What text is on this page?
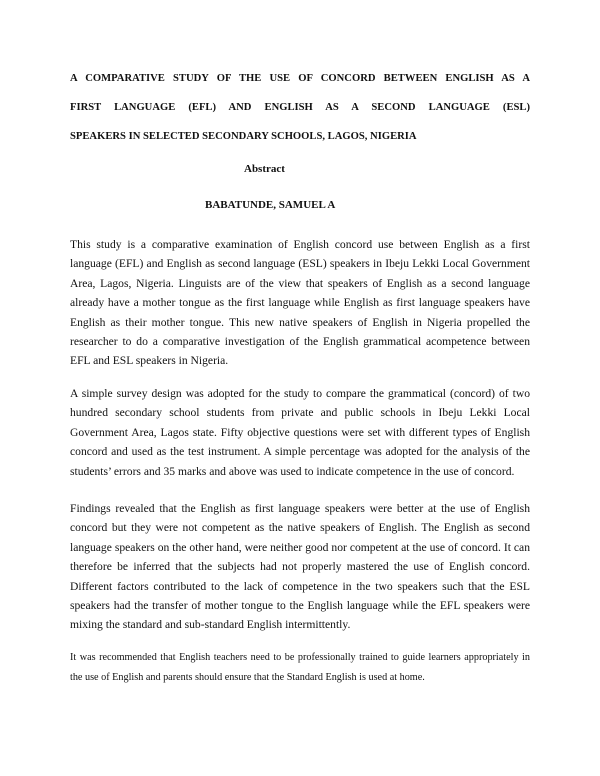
A COMPARATIVE STUDY OF THE USE OF CONCORD BETWEEN ENGLISH AS A
FIRST LANGUAGE (EFL) AND ENGLISH AS A SECOND LANGUAGE (ESL)
SPEAKERS IN SELECTED SECONDARY SCHOOLS, LAGOS, NIGERIA
Abstract
BABATUNDE, SAMUEL A

This study is a comparative examination of English concord use between English as a first language (EFL) and English as second language (ESL) speakers in Ibeju Lekki Local Government Area, Lagos, Nigeria. Linguists are of the view that speakers of English as a second language already have a mother tongue as the first language while English as first language speakers have English as their mother tongue. This new native speakers of English in Nigeria propelled the researcher to do a comparative investigation of the English grammatical acompetence between EFL and ESL speakers in Nigeria.

A simple survey design was adopted for the study to compare the grammatical (concord) of two hundred secondary school students from private and public schools in Ibeju Lekki Local Government Area, Lagos state. Fifty objective questions were set with different types of English concord and used as the test instrument. A simple percentage was adopted for the analysis of the students’ errors and 35 marks and above was used to indicate competence in the use of concord.

Findings revealed that the English as first language speakers were better at the use of English concord but they were not competent as the native speakers of English. The English as second language speakers on the other hand, were neither good nor competent at the use of concord. It can therefore be inferred that the subjects had not properly mastered the use of English concord. Different factors contributed to the lack of competence in the two speakers such that the ESL speakers had the transfer of mother tongue to the English language while the EFL speakers were mixing the standard and sub-standard English intermittently.

It was recommended that English teachers need to be professionally trained to guide learners appropriately in the use of English and parents should ensure that the Standard English is used at home.
